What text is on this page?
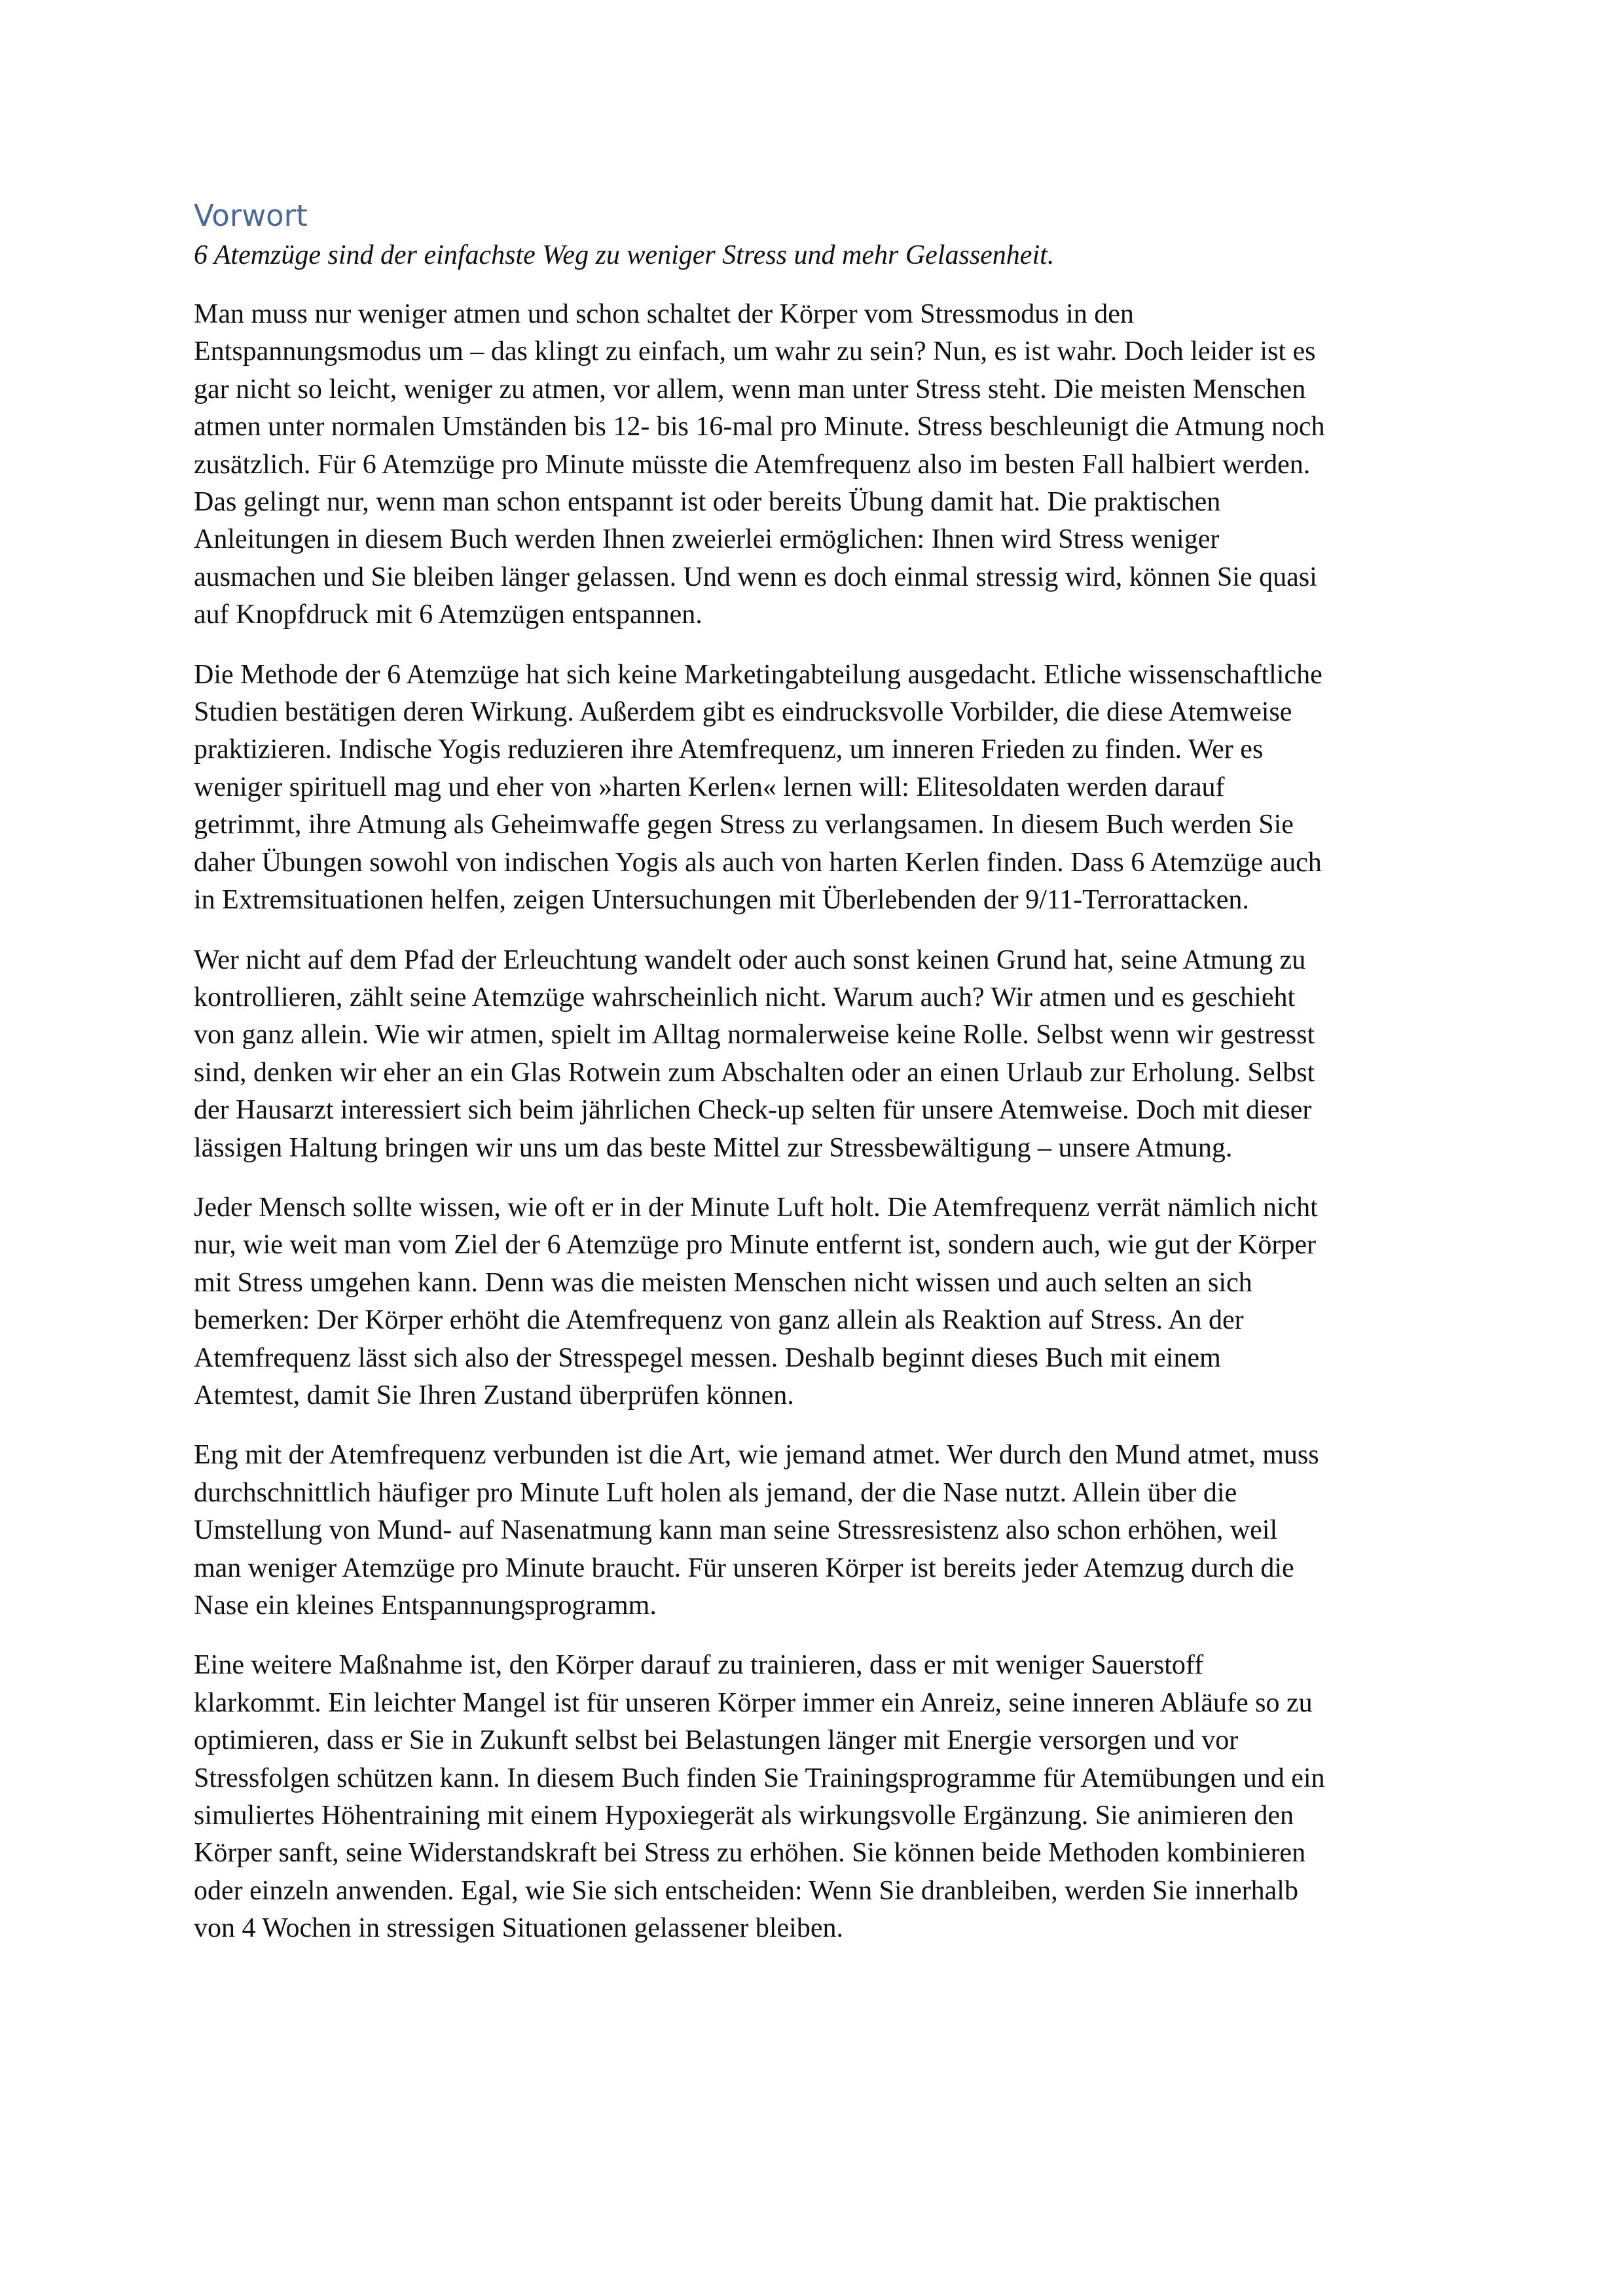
Vorwort

6 Atemzüge sind der einfachste Weg zu weniger Stress und mehr Gelassenheit.

Man muss nur weniger atmen und schon schaltet der Körper vom Stressmodus in den
Entspannungsmodus um – das klingt zu einfach, um wahr zu sein? Nun, es ist wahr. Doch leider ist es
gar nicht so leicht, weniger zu atmen, vor allem, wenn man unter Stress steht. Die meisten Menschen
atmen unter normalen Umständen bis 12- bis 16-mal pro Minute. Stress beschleunigt die Atmung noch
zusätzlich. Für 6 Atemzüge pro Minute müsste die Atemfrequenz also im besten Fall halbiert werden.
Das gelingt nur, wenn man schon entspannt ist oder bereits Übung damit hat. Die praktischen
Anleitungen in diesem Buch werden Ihnen zweierlei ermöglichen: Ihnen wird Stress weniger
ausmachen und Sie bleiben länger gelassen. Und wenn es doch einmal stressig wird, können Sie quasi
auf Knopfdruck mit 6 Atemzügen entspannen.

Die Methode der 6 Atemzüge hat sich keine Marketingabteilung ausgedacht. Etliche wissenschaftliche
Studien bestätigen deren Wirkung. Außerdem gibt es eindrucksvolle Vorbilder, die diese Atemweise
praktizieren. Indische Yogis reduzieren ihre Atemfrequenz, um inneren Frieden zu finden. Wer es
weniger spirituell mag und eher von »harten Kerlen« lernen will: Elitesoldaten werden darauf
getrimmt, ihre Atmung als Geheimwaffe gegen Stress zu verlangsamen. In diesem Buch werden Sie
daher Übungen sowohl von indischen Yogis als auch von harten Kerlen finden. Dass 6 Atemzüge auch
in Extremsituationen helfen, zeigen Untersuchungen mit Überlebenden der 9/11-Terrorattacken.

Wer nicht auf dem Pfad der Erleuchtung wandelt oder auch sonst keinen Grund hat, seine Atmung zu
kontrollieren, zählt seine Atemzüge wahrscheinlich nicht. Warum auch? Wir atmen und es geschieht
von ganz allein. Wie wir atmen, spielt im Alltag normalerweise keine Rolle. Selbst wenn wir gestresst
sind, denken wir eher an ein Glas Rotwein zum Abschalten oder an einen Urlaub zur Erholung. Selbst
der Hausarzt interessiert sich beim jährlichen Check-up selten für unsere Atemweise. Doch mit dieser
lässigen Haltung bringen wir uns um das beste Mittel zur Stressbewältigung – unsere Atmung.

Jeder Mensch sollte wissen, wie oft er in der Minute Luft holt. Die Atemfrequenz verrät nämlich nicht
nur, wie weit man vom Ziel der 6 Atemzüge pro Minute entfernt ist, sondern auch, wie gut der Körper
mit Stress umgehen kann. Denn was die meisten Menschen nicht wissen und auch selten an sich
bemerken: Der Körper erhöht die Atemfrequenz von ganz allein als Reaktion auf Stress. An der
Atemfrequenz lässt sich also der Stresspegel messen. Deshalb beginnt dieses Buch mit einem
Atemtest, damit Sie Ihren Zustand überprüfen können.

Eng mit der Atemfrequenz verbunden ist die Art, wie jemand atmet. Wer durch den Mund atmet, muss
durchschnittlich häufiger pro Minute Luft holen als jemand, der die Nase nutzt. Allein über die
Umstellung von Mund- auf Nasenatmung kann man seine Stressresistenz also schon erhöhen, weil
man weniger Atemzüge pro Minute braucht. Für unseren Körper ist bereits jeder Atemzug durch die
Nase ein kleines Entspannungsprogramm.

Eine weitere Maßnahme ist, den Körper darauf zu trainieren, dass er mit weniger Sauerstoff
klarkommt. Ein leichter Mangel ist für unseren Körper immer ein Anreiz, seine inneren Abläufe so zu
optimieren, dass er Sie in Zukunft selbst bei Belastungen länger mit Energie versorgen und vor
Stressfolgen schützen kann. In diesem Buch finden Sie Trainingsprogramme für Atemübungen und ein
simuliertes Höhentraining mit einem Hypoxiegerät als wirkungsvolle Ergänzung. Sie animieren den
Körper sanft, seine Widerstandskraft bei Stress zu erhöhen. Sie können beide Methoden kombinieren
oder einzeln anwenden. Egal, wie Sie sich entscheiden: Wenn Sie dranbleiben, werden Sie innerhalb
von 4 Wochen in stressigen Situationen gelassener bleiben.
